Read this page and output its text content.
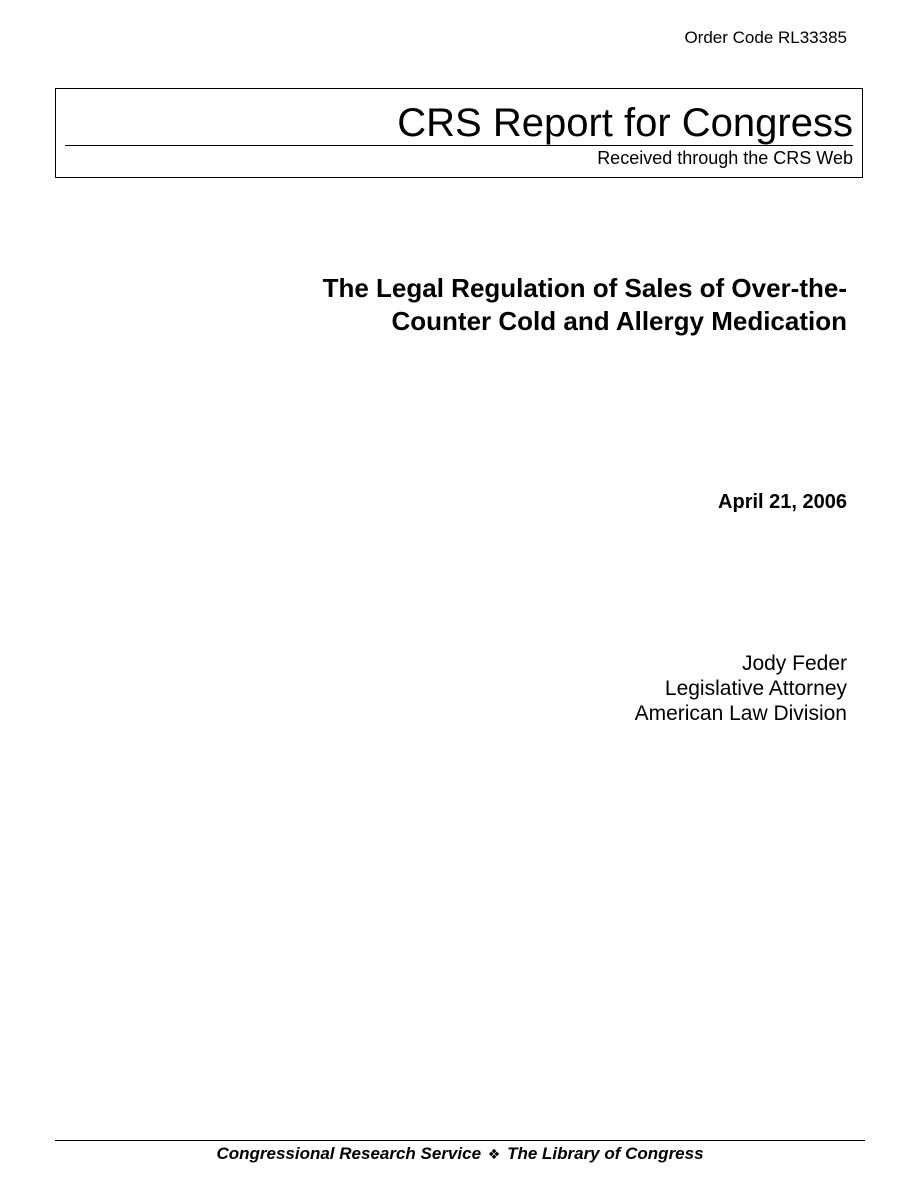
Order Code RL33385
CRS Report for Congress
Received through the CRS Web
The Legal Regulation of Sales of Over-the-
Counter Cold and Allergy Medication
April 21, 2006
Jody Feder
Legislative Attorney
American Law Division
Congressional Research Service ❖ The Library of Congress
